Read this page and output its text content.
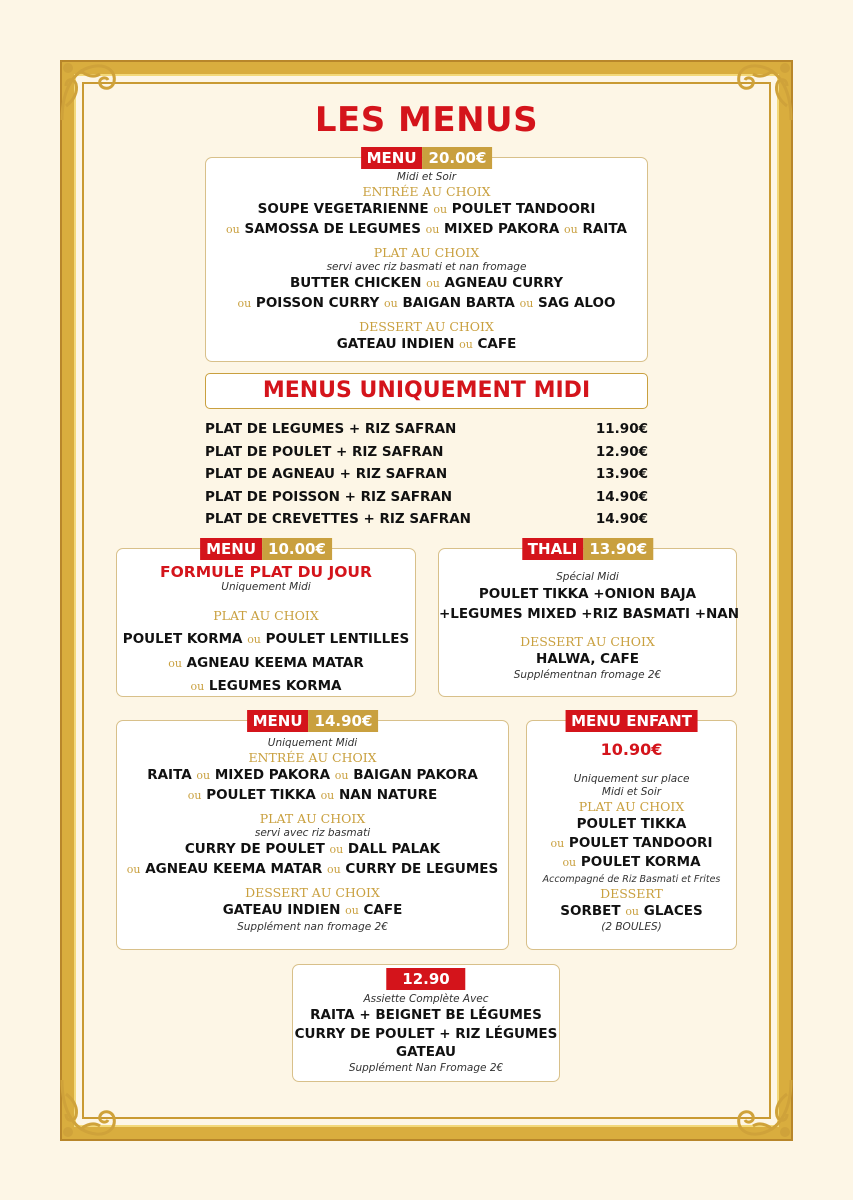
LES MENUS
MENU 20.00€
Midi et Soir
ENTRÉE AU CHOIX
SOUPE VEGETARIENNE ou POULET TANDOORI
ou SAMOSSA DE LEGUMES ou MIXED PAKORA ou RAITA
PLAT AU CHOIX
servi avec riz basmati et nan fromage
BUTTER CHICKEN ou AGNEAU CURRY
ou POISSON CURRY ou BAIGAN BARTA ou SAG ALOO
DESSERT AU CHOIX
GATEAU INDIEN ou CAFE
MENUS UNIQUEMENT MIDI
PLAT DE LEGUMES + RIZ SAFRAN	11.90€
PLAT DE POULET + RIZ SAFRAN	12.90€
PLAT DE AGNEAU + RIZ SAFRAN	13.90€
PLAT DE POISSON + RIZ SAFRAN	14.90€
PLAT DE CREVETTES + RIZ SAFRAN	14.90€
MENU 10.00€
FORMULE PLAT DU JOUR
Uniquement Midi
PLAT AU CHOIX
POULET KORMA ou POULET LENTILLES
ou AGNEAU KEEMA MATAR
ou LEGUMES KORMA
THALI 13.90€
Spécial Midi
POULET TIKKA +ONION BAJA
+LEGUMES MIXED +RIZ BASMATI +NAN
DESSERT AU CHOIX
HALWA, CAFE
Supplémentnan fromage 2€
MENU 14.90€
Uniquement Midi
ENTRÉE AU CHOIX
RAITA ou MIXED PAKORA ou BAIGAN PAKORA
ou POULET TIKKA ou NAN NATURE
PLAT AU CHOIX
servi avec riz basmati
CURRY DE POULET ou DALL PALAK
ou AGNEAU KEEMA MATAR ou CURRY DE LEGUMES
DESSERT AU CHOIX
GATEAU INDIEN ou CAFE
Supplément nan fromage 2€
MENU ENFANT
10.90€
Uniquement sur place
Midi et Soir
PLAT AU CHOIX
POULET TIKKA
ou POULET TANDOORI
ou POULET KORMA
Accompagné de Riz Basmati et Frites
DESSERT
SORBET ou GLACES
(2 BOULES)
12.90
Assiette Complète Avec
RAITA + BEIGNET BE LÉGUMES
CURRY DE POULET + RIZ LÉGUMES
GATEAU
Supplément Nan Fromage 2€
